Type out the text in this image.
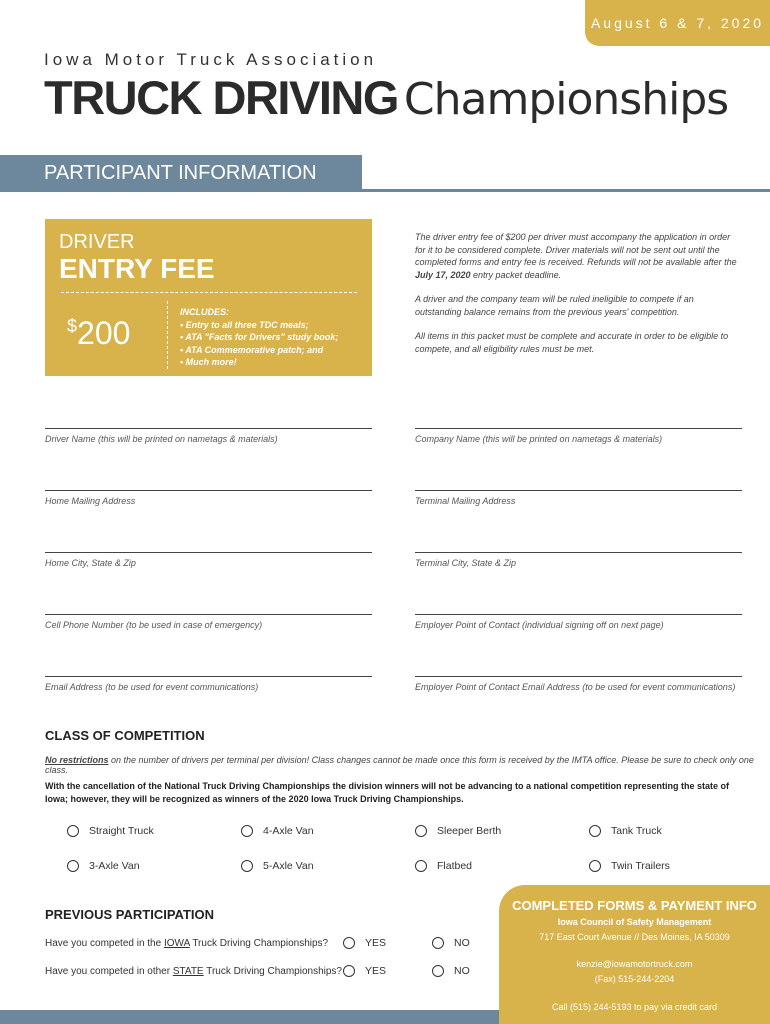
August 6 & 7, 2020
Iowa Motor Truck Association
TRUCK DRIVING Championships
PARTICIPANT INFORMATION
DRIVER
ENTRY FEE
$200
INCLUDES:
• Entry to all three TDC meals;
• ATA "Facts for Drivers" study book;
• ATA Commemorative patch; and
• Much more!

The driver entry fee of $200 per driver must accompany the application in order for it to be considered complete. Driver materials will not be sent out until the completed forms and entry fee is received. Refunds will not be available after the July 17, 2020 entry packet deadline.

A driver and the company team will be ruled ineligible to compete if an outstanding balance remains from the previous years' competition.

All items in this packet must be complete and accurate in order to be eligible to compete, and all eligibility rules must be met.

Driver Name (this will be printed on nametags & materials)	Company Name (this will be printed on nametags & materials)
Home Mailing Address	Terminal Mailing Address
Home City, State & Zip	Terminal City, State & Zip
Cell Phone Number (to be used in case of emergency)	Employer Point of Contact (individual signing off on next page)
Email Address (to be used for event communications)	Employer Point of Contact Email Address (to be used for event communications)
CLASS OF COMPETITION
No restrictions on the number of drivers per terminal per division! Class changes cannot be made once this form is received by the IMTA office. Please be sure to check only one class.
With the cancellation of the National Truck Driving Championships the division winners will not be advancing to a national competition representing the state of Iowa; however, they will be recognized as winners of the 2020 Iowa Truck Driving Championships.
Straight Truck	4-Axle Van	Sleeper Berth	Tank Truck
3-Axle Van	5-Axle Van	Flatbed	Twin Trailers
PREVIOUS PARTICIPATION
Have you competed in the IOWA Truck Driving Championships?
Have you competed in other STATE Truck Driving Championships?
YES	NO
YES	NO
COMPLETED FORMS & PAYMENT INFO
Iowa Council of Safety Management
717 East Court Avenue // Des Moines, IA 50309
kenzie@iowamotortruck.com
(Fax) 515-244-2204
Call (515) 244-5193 to pay via credit card
